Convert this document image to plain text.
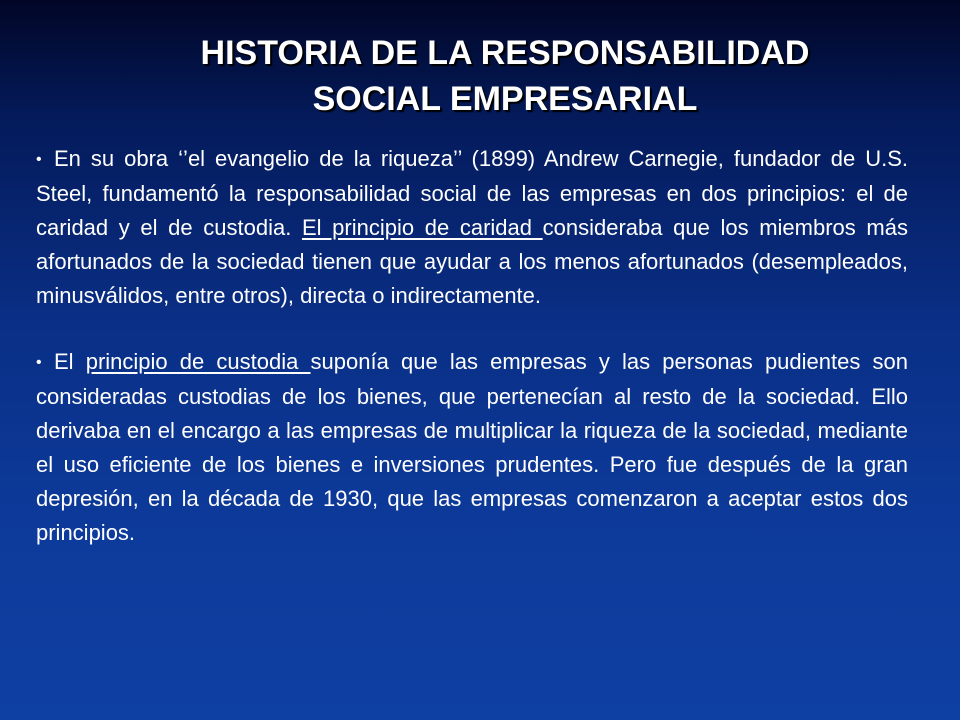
HISTORIA DE LA RESPONSABILIDAD
SOCIAL EMPRESARIAL

• En su obra ‘’el evangelio de la riqueza’’ (1899) Andrew Carnegie, fundador de U.S. Steel, fundamentó la responsabilidad social de las empresas en dos principios: el de caridad y el de custodia. El principio de caridad consideraba que los miembros más afortunados de la sociedad tienen que ayudar a los menos afortunados (desempleados, minusválidos, entre otros), directa o indirectamente.

• El principio de custodia suponía que las empresas y las personas pudientes son consideradas custodias de los bienes, que pertenecían al resto de la sociedad. Ello derivaba en el encargo a las empresas de multiplicar la riqueza de la sociedad, mediante el uso eficiente de los bienes e inversiones prudentes. Pero fue después de la gran depresión, en la década de 1930, que las empresas comenzaron a aceptar estos dos principios.
